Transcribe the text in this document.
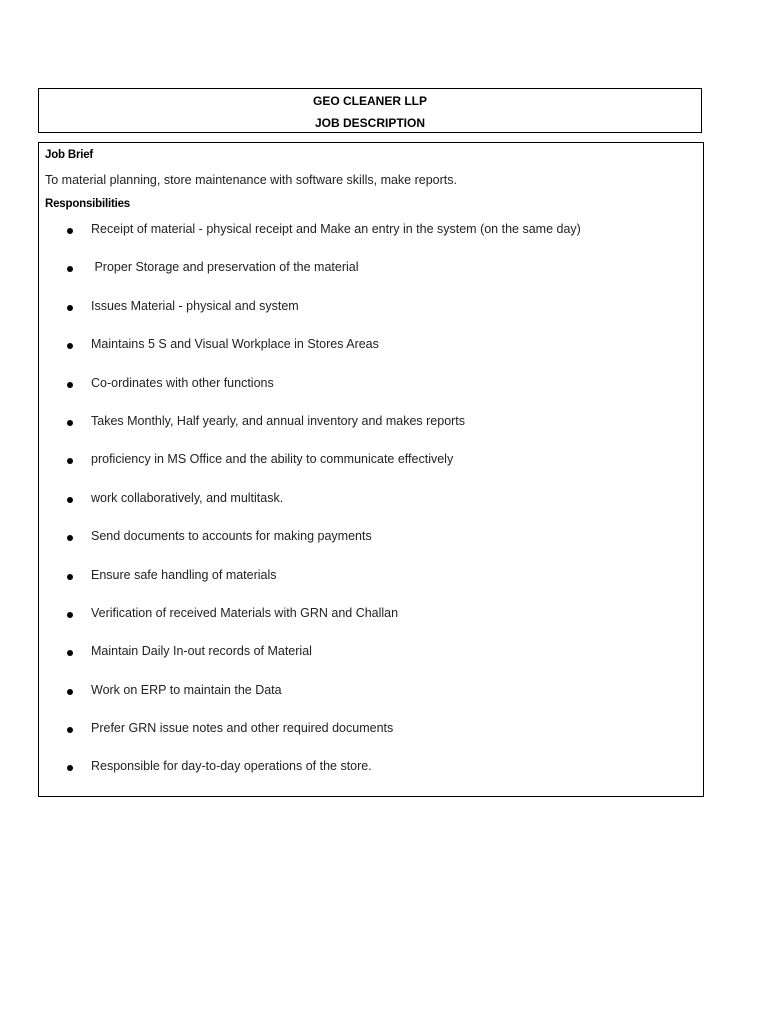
GEO CLEANER LLP
JOB DESCRIPTION
Job Brief
To material planning, store maintenance with software skills, make reports.
Responsibilities
Receipt of material - physical receipt and Make an entry in the system (on the same day)
Proper Storage and preservation of the material
Issues Material - physical and system
Maintains 5 S and Visual Workplace in Stores Areas
Co-ordinates with other functions
Takes Monthly, Half yearly, and annual inventory and makes reports
proficiency in MS Office and the ability to communicate effectively
work collaboratively, and multitask.
Send documents to accounts for making payments
Ensure safe handling of materials
Verification of received Materials with GRN and Challan
Maintain Daily In-out records of Material
Work on ERP to maintain the Data
Prefer GRN issue notes and other required documents
Responsible for day-to-day operations of the store.
